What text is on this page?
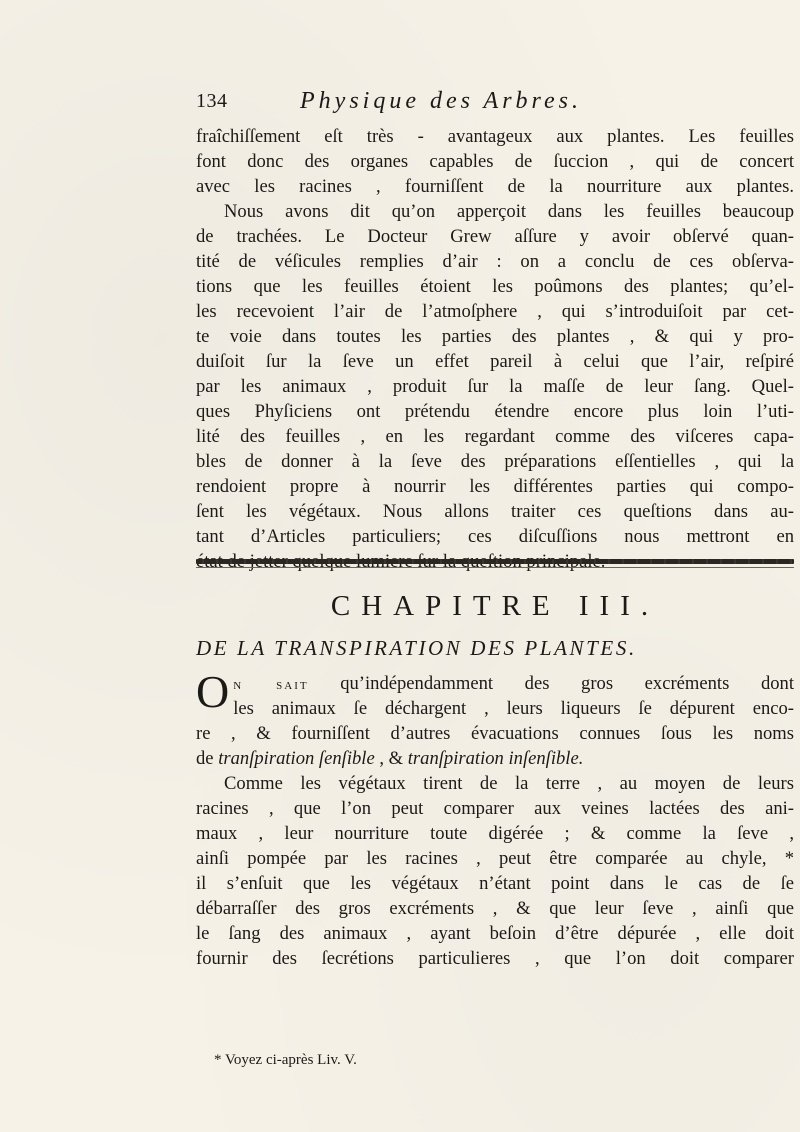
134	Physique des Arbres.
fraîchiſſement eſt très - avantageux aux plantes. Les feuilles
font donc des organes capables de ſuccion , qui de concert
avec les racines , fourniſſent de la nourriture aux plantes.
Nous avons dit qu’on apperçoit dans les feuilles beaucoup
de trachées. Le Docteur Grew aſſure y avoir obſervé quan-
tité de véſicules remplies d’air : on a conclu de ces obſerva-
tions que les feuilles étoient les poûmons des plantes; qu’el-
les recevoient l’air de l’atmoſphere , qui s’introduiſoit par cet-
te voie dans toutes les parties des plantes , & qui y pro-
duiſoit ſur la ſeve un effet pareil à celui que l’air, reſpiré
par les animaux , produit ſur la maſſe de leur ſang. Quel-
ques Phyſiciens ont prétendu étendre encore plus loin l’uti-
lité des feuilles , en les regardant comme des viſceres capa-
bles de donner à la ſeve des préparations eſſentielles , qui la
rendoient propre à nourrir les différentes parties qui compo-
ſent les végétaux. Nous allons traiter ces queſtions dans au-
tant d’Articles particuliers; ces diſcuſſions nous mettront en
CHAPITRE III.
DE LA TRANSPIRATION DES PLANTES.
On sait qu’indépendamment des gros excréments dont
les animaux ſe déchargent , leurs liqueurs ſe dépurent enco-
re , & fourniſſent d’autres évacuations connues ſous les noms
de tranſpiration ſenſible , & tranſpiration inſenſible.
Comme les végétaux tirent de la terre , au moyen de leurs
racines , que l’on peut comparer aux veines lactées des ani-
maux , leur nourriture toute digérée ; & comme la ſeve ,
ainſi pompée par les racines , peut être comparée au chyle, *
il s’enſuit que les végétaux n’étant point dans le cas de ſe
débarraſſer des gros excréments , & que leur ſeve , ainſi que
le ſang des animaux , ayant beſoin d’être dépurée , elle doit
fournir des ſecrétions particulieres , que l’on doit comparer
* Voyez ci-après Liv. V.
